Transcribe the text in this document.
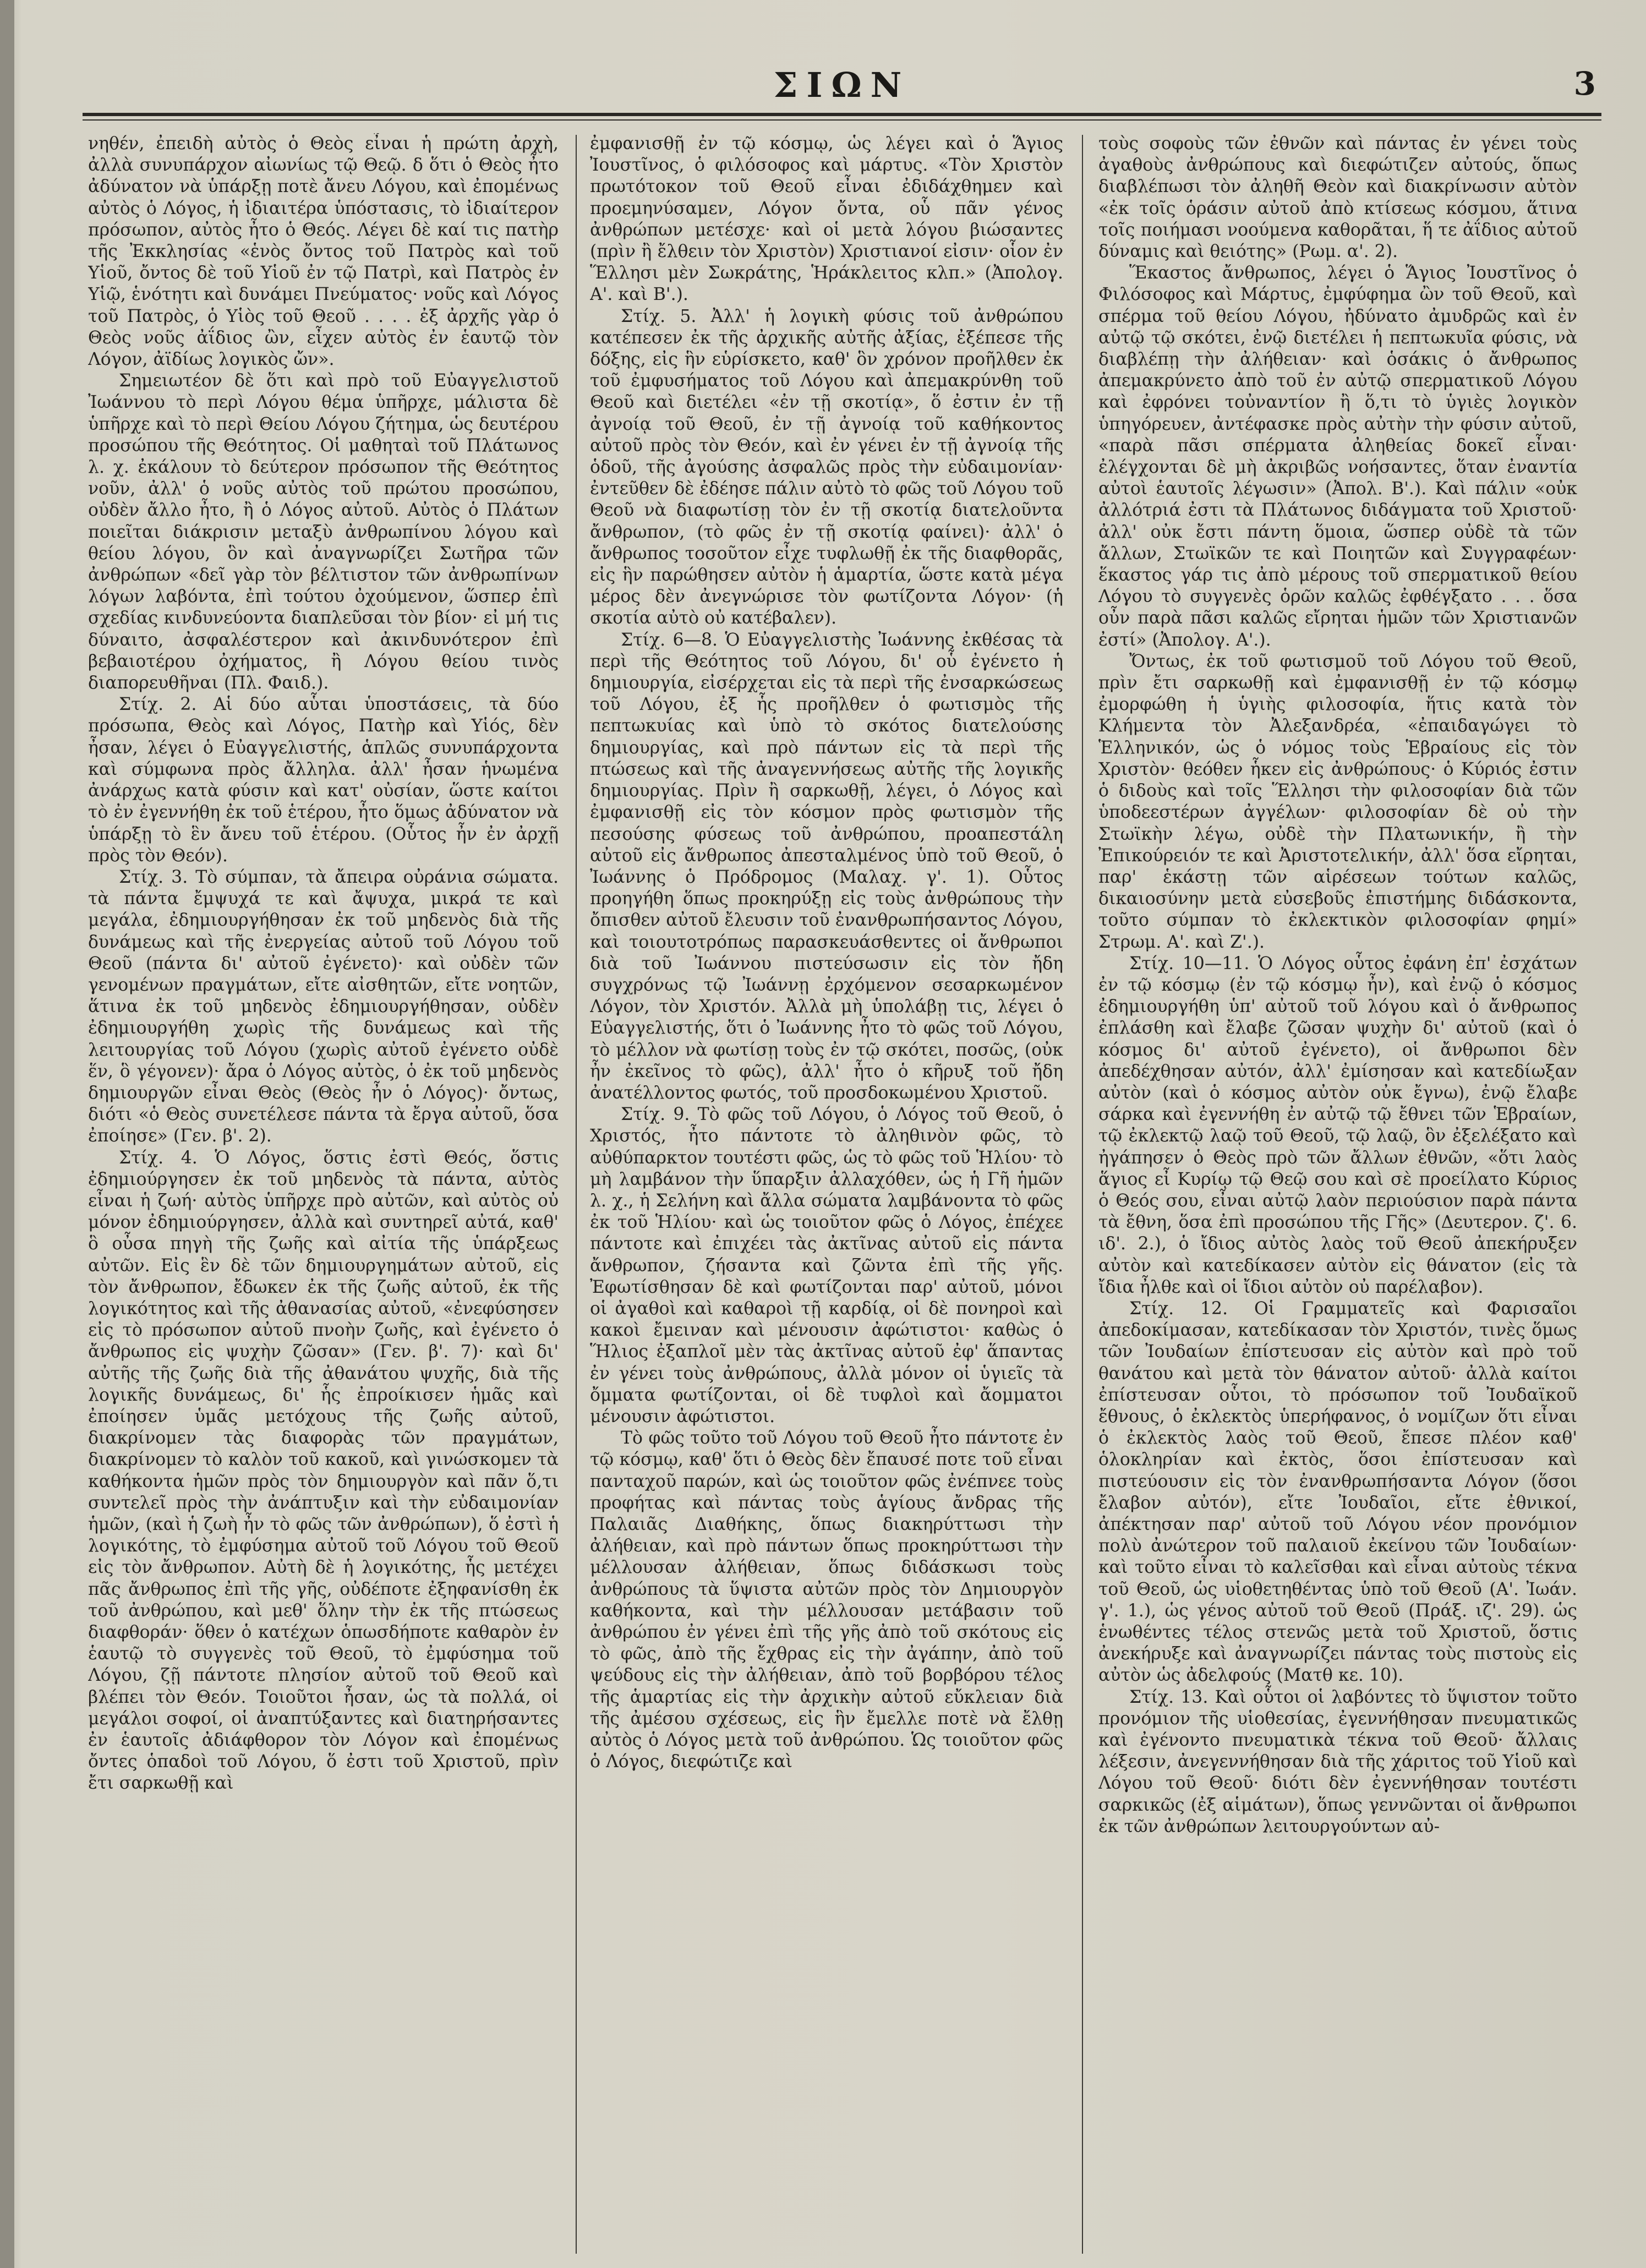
ΣΙΩΝ	3

νηθέν, ἐπειδὴ αὐτὸς ὁ Θεὸς εἶναι ἡ πρώτη ἀρχὴ, ἀλλὰ συνυπάρχον αἰωνίως τῷ Θεῷ. δ ὅτι ὁ Θεὸς ἦτο ἀδύνατον νὰ ὑπάρξῃ ποτὲ ἄνευ Λόγου, καὶ ἐπομένως αὐτὸς ὁ Λόγος, ἡ ἰδιαιτέρα ὑπόστασις, τὸ ἰδιαίτερον πρόσωπον, αὐτὸς ἦτο ὁ Θεός. Λέγει δὲ καί τις πατὴρ τῆς Ἐκκλησίας «ἑνὸς ὄντος τοῦ Πατρὸς καὶ τοῦ Υἱοῦ, ὄντος δὲ τοῦ Υἱοῦ ἐν τῷ Πατρὶ, καὶ Πατρὸς ἐν Υἱῷ, ἑνότητι καὶ δυνάμει Πνεύματος· νοῦς καὶ Λόγος τοῦ Πατρὸς, ὁ Υἱὸς τοῦ Θεοῦ . . . . ἐξ ἀρχῆς γὰρ ὁ Θεὸς νοῦς ἀΐδιος ὢν, εἶχεν αὐτὸς ἐν ἑαυτῷ τὸν Λόγον, ἀϊδίως λογικὸς ὤν».

Σημειωτέον δὲ ὅτι καὶ πρὸ τοῦ Εὐαγγελιστοῦ Ἰωάννου τὸ περὶ Λόγου θέμα ὑπῆρχε, μάλιστα δὲ ὑπῆρχε καὶ τὸ περὶ Θείου Λόγου ζήτημα, ὡς δευτέρου προσώπου τῆς Θεότητος. Οἱ μαθηταὶ τοῦ Πλάτωνος λ. χ. ἐκάλουν τὸ δεύτερον πρόσωπον τῆς Θεότητος νοῦν, ἀλλ' ὁ νοῦς αὐτὸς τοῦ πρώτου προσώπου, οὐδὲν ἄλλο ἦτο, ἢ ὁ Λόγος αὐτοῦ. Αὐτὸς ὁ Πλάτων ποιεῖται διάκρισιν μεταξὺ ἀνθρωπίνου λόγου καὶ θείου λόγου, ὃν καὶ ἀναγνωρίζει Σωτῆρα τῶν ἀνθρώπων «δεῖ γὰρ τὸν βέλτιστον τῶν ἀνθρωπίνων λόγων λαβόντα, ἐπὶ τούτου ὀχούμενον, ὥσπερ ἐπὶ σχεδίας κινδυνεύοντα διαπλεῦσαι τὸν βίον· εἰ μή τις δύναιτο, ἀσφαλέστερον καὶ ἀκινδυνότερον ἐπὶ βεβαιοτέρου ὀχήματος, ἢ Λόγου θείου τινὸς διαπορευθῆναι (Πλ. Φαιδ.).

Στίχ. 2. Αἱ δύο αὗται ὑποστάσεις, τὰ δύο πρόσωπα, Θεὸς καὶ Λόγος, Πατὴρ καὶ Υἱός, δὲν ἦσαν, λέγει ὁ Εὐαγγελιστής, ἁπλῶς συνυπάρχοντα καὶ σύμφωνα πρὸς ἄλληλα. ἀλλ' ἦσαν ἡνωμένα ἀνάρχως κατὰ φύσιν καὶ κατ' οὐσίαν, ὥστε καίτοι τὸ ἐν ἐγεννήθη ἐκ τοῦ ἑτέρου, ἦτο ὅμως ἀδύνατον νὰ ὑπάρξῃ τὸ ἓν ἄνευ τοῦ ἑτέρου. (Οὗτος ἦν ἐν ἀρχῇ πρὸς τὸν Θεόν).

Στίχ. 3. Τὸ σύμπαν, τὰ ἄπειρα οὐράνια σώματα. τὰ πάντα ἔμψυχά τε καὶ ἄψυχα, μικρά τε καὶ μεγάλα, ἐδημιουργήθησαν ἐκ τοῦ μηδενὸς διὰ τῆς δυνάμεως καὶ τῆς ἐνεργείας αὐτοῦ τοῦ Λόγου τοῦ Θεοῦ (πάντα δι' αὐτοῦ ἐγένετο)· καὶ οὐδὲν τῶν γενομένων πραγμάτων, εἴτε αἰσθητῶν, εἴτε νοητῶν, ἅτινα ἐκ τοῦ μηδενὸς ἐδημιουργήθησαν, οὐδὲν ἐδημιουργήθη χωρὶς τῆς δυνάμεως καὶ τῆς λειτουργίας τοῦ Λόγου (χωρὶς αὐτοῦ ἐγένετο οὐδὲ ἕν, ὃ γέγονεν)· ἄρα ὁ Λόγος αὐτὸς, ὁ ἐκ τοῦ μηδενὸς δημιουργῶν εἶναι Θεὸς (Θεὸς ἦν ὁ Λόγος)· ὄντως, διότι «ὁ Θεὸς συνετέλεσε πάντα τὰ ἔργα αὐτοῦ, ὅσα ἐποίησε» (Γεν. β'. 2).

Στίχ. 4. Ὁ Λόγος, ὅστις ἐστὶ Θεός, ὅστις ἐδημιούργησεν ἐκ τοῦ μηδενὸς τὰ πάντα, αὐτὸς εἶναι ἡ ζωή· αὐτὸς ὑπῆρχε πρὸ αὐτῶν, καὶ αὐτὸς οὐ μόνον ἐδημιούργησεν, ἀλλὰ καὶ συντηρεῖ αὐτά, καθ' ὃ οὖσα πηγὴ τῆς ζωῆς καὶ αἰτία τῆς ὑπάρξεως αὐτῶν. Εἰς ἓν δὲ τῶν δημιουργημάτων αὐτοῦ, εἰς τὸν ἄνθρωπον, ἔδωκεν ἐκ τῆς ζωῆς αὐτοῦ, ἐκ τῆς λογικότητος καὶ τῆς ἀθανασίας αὐτοῦ, «ἐνεφύσησεν εἰς τὸ πρόσωπον αὐτοῦ πνοὴν ζωῆς, καὶ ἐγένετο ὁ ἄνθρωπος εἰς ψυχὴν ζῶσαν» (Γεν. β'. 7)· καὶ δι' αὐτῆς τῆς ζωῆς διὰ τῆς ἀθανάτου ψυχῆς, διὰ τῆς λογικῆς δυνάμεως, δι' ἧς ἐπροίκισεν ἡμᾶς καὶ ἐποίησεν ὑμᾶς μετόχους τῆς ζωῆς αὐτοῦ, διακρίνομεν τὰς διαφορὰς τῶν πραγμάτων, διακρίνομεν τὸ καλὸν τοῦ κακοῦ, καὶ γινώσκομεν τὰ καθήκοντα ἡμῶν πρὸς τὸν δημιουργὸν καὶ πᾶν ὅ,τι συντελεῖ πρὸς τὴν ἀνάπτυξιν καὶ τὴν εὐδαιμονίαν ἡμῶν, (καὶ ἡ ζωὴ ἦν τὸ φῶς τῶν ἀνθρώπων), ὅ ἐστὶ ἡ λογικότης, τὸ ἐμφύσημα αὐτοῦ τοῦ Λόγου τοῦ Θεοῦ εἰς τὸν ἄνθρωπον. Αὐτὴ δὲ ἡ λογικότης, ἧς μετέχει πᾶς ἄνθρωπος ἐπὶ τῆς γῆς, οὐδέποτε ἐξηφανίσθη ἐκ τοῦ ἀνθρώπου, καὶ μεθ' ὅλην τὴν ἐκ τῆς πτώσεως διαφθοράν· ὅθεν ὁ κατέχων ὁπωσδήποτε καθαρὸν ἐν ἑαυτῷ τὸ συγγενὲς τοῦ Θεοῦ, τὸ ἐμφύσημα τοῦ Λόγου, ζῇ πάντοτε πλησίον αὐτοῦ τοῦ Θεοῦ καὶ βλέπει τὸν Θεόν. Τοιοῦτοι ἦσαν, ὡς τὰ πολλά, οἱ μεγάλοι σοφοί, οἱ ἀναπτύξαντες καὶ διατηρήσαντες ἐν ἑαυτοῖς ἀδιάφθορον τὸν Λόγον καὶ ἐπομένως ὄντες ὁπαδοὶ τοῦ Λόγου, ὅ ἐστι τοῦ Χριστοῦ, πρὶν ἔτι σαρκωθῇ καὶ

ἐμφανισθῇ ἐν τῷ κόσμῳ, ὡς λέγει καὶ ὁ Ἅγιος Ἰουστῖνος, ὁ φιλόσοφος καὶ μάρτυς. «Τὸν Χριστὸν πρωτότοκον τοῦ Θεοῦ εἶναι ἐδιδάχθημεν καὶ προεμηνύσαμεν, Λόγον ὄντα, οὗ πᾶν γένος ἀνθρώπων μετέσχε· καὶ οἱ μετὰ λόγου βιώσαντες (πρὶν ἢ ἔλθειν τὸν Χριστὸν) Χριστιανοί εἰσιν· οἷον ἐν Ἕλλησι μὲν Σωκράτης, Ἡράκλειτος κλπ.» (Ἀπολογ. Α'. καὶ Β'.).

Στίχ. 5. Ἀλλ' ἡ λογικὴ φύσις τοῦ ἀνθρώπου κατέπεσεν ἐκ τῆς ἀρχικῆς αὐτῆς ἀξίας, ἐξέπεσε τῆς δόξης, εἰς ἣν εὑρίσκετο, καθ' ὃν χρόνον προῆλθεν ἐκ τοῦ ἐμφυσήματος τοῦ Λόγου καὶ ἀπεμακρύνθη τοῦ Θεοῦ καὶ διετέλει «ἐν τῇ σκοτίᾳ», ὅ ἐστιν ἐν τῇ ἀγνοίᾳ τοῦ Θεοῦ, ἐν τῇ ἀγνοίᾳ τοῦ καθήκοντος αὐτοῦ πρὸς τὸν Θεόν, καὶ ἐν γένει ἐν τῇ ἀγνοίᾳ τῆς ὁδοῦ, τῆς ἀγούσης ἀσφαλῶς πρὸς τὴν εὐδαιμονίαν· ἐντεῦθεν δὲ ἐδέησε πάλιν αὐτὸ τὸ φῶς τοῦ Λόγου τοῦ Θεοῦ νὰ διαφωτίσῃ τὸν ἐν τῇ σκοτίᾳ διατελοῦντα ἄνθρωπον, (τὸ φῶς ἐν τῇ σκοτίᾳ φαίνει)· ἀλλ' ὁ ἄνθρωπος τοσοῦτον εἶχε τυφλωθῇ ἐκ τῆς διαφθορᾶς, εἰς ἣν παρώθησεν αὐτὸν ἡ ἁμαρτία, ὥστε κατὰ μέγα μέρος δὲν ἀνεγνώρισε τὸν φωτίζοντα Λόγον· (ἡ σκοτία αὐτὸ οὐ κατέβαλεν).

Στίχ. 6—8. Ὁ Εὐαγγελιστὴς Ἰωάννης ἐκθέσας τὰ περὶ τῆς Θεότητος τοῦ Λόγου, δι' οὗ ἐγένετο ἡ δημιουργία, εἰσέρχεται εἰς τὰ περὶ τῆς ἐνσαρκώσεως τοῦ Λόγου, ἐξ ἧς προῆλθεν ὁ φωτισμὸς τῆς πεπτωκυίας καὶ ὑπὸ τὸ σκότος διατελούσης δημιουργίας, καὶ πρὸ πάντων εἰς τὰ περὶ τῆς πτώσεως καὶ τῆς ἀναγεννήσεως αὐτῆς τῆς λογικῆς δημιουργίας. Πρὶν ἢ σαρκωθῇ, λέγει, ὁ Λόγος καὶ ἐμφανισθῇ εἰς τὸν κόσμον πρὸς φωτισμὸν τῆς πεσούσης φύσεως τοῦ ἀνθρώπου, προαπεστάλη αὐτοῦ εἰς ἄνθρωπος ἀπεσταλμένος ὑπὸ τοῦ Θεοῦ, ὁ Ἰωάννης ὁ Πρόδρομος (Μαλαχ. γ'. 1). Οὗτος προηγήθη ὅπως προκηρύξῃ εἰς τοὺς ἀνθρώπους τὴν ὄπισθεν αὐτοῦ ἔλευσιν τοῦ ἐνανθρωπήσαντος Λόγου, καὶ τοιουτοτρόπως παρασκευάσθεντες οἱ ἄνθρωποι διὰ τοῦ Ἰωάννου πιστεύσωσιν εἰς τὸν ἤδη συγχρόνως τῷ Ἰωάννῃ ἐρχόμενον σεσαρκωμένον Λόγον, τὸν Χριστόν. Ἀλλὰ μὴ ὑπολάβῃ τις, λέγει ὁ Εὐαγγελιστής, ὅτι ὁ Ἰωάννης ἦτο τὸ φῶς τοῦ Λόγου, τὸ μέλλον νὰ φωτίσῃ τοὺς ἐν τῷ σκότει, ποσῶς, (οὐκ ἦν ἐκεῖνος τὸ φῶς), ἀλλ' ἦτο ὁ κῆρυξ τοῦ ἤδη ἀνατέλλοντος φωτός, τοῦ προσδοκωμένου Χριστοῦ.

Στίχ. 9. Τὸ φῶς τοῦ Λόγου, ὁ Λόγος τοῦ Θεοῦ, ὁ Χριστός, ἦτο πάντοτε τὸ ἀληθινὸν φῶς, τὸ αὐθύπαρκτον τουτέστι φῶς, ὡς τὸ φῶς τοῦ Ἡλίου· τὸ μὴ λαμβάνον τὴν ὕπαρξιν ἀλλαχόθεν, ὡς ἡ Γῆ ἡμῶν λ. χ., ἡ Σελήνη καὶ ἄλλα σώματα λαμβάνοντα τὸ φῶς ἐκ τοῦ Ἡλίου· καὶ ὡς τοιοῦτον φῶς ὁ Λόγος, ἐπέχεε πάντοτε καὶ ἐπιχέει τὰς ἀκτῖνας αὐτοῦ εἰς πάντα ἄνθρωπον, ζήσαντα καὶ ζῶντα ἐπὶ τῆς γῆς. Ἐφωτίσθησαν δὲ καὶ φωτίζονται παρ' αὐτοῦ, μόνοι οἱ ἀγαθοὶ καὶ καθαροὶ τῇ καρδίᾳ, οἱ δὲ πονηροὶ καὶ κακοὶ ἔμειναν καὶ μένουσιν ἀφώτιστοι· καθὼς ὁ Ἥλιος ἐξαπλοῖ μὲν τὰς ἀκτῖνας αὐτοῦ ἐφ' ἅπαντας ἐν γένει τοὺς ἀνθρώπους, ἀλλὰ μόνον οἱ ὑγιεῖς τὰ ὄμματα φωτίζονται, οἱ δὲ τυφλοὶ καὶ ἄομματοι μένουσιν ἀφώτιστοι.

Τὸ φῶς τοῦτο τοῦ Λόγου τοῦ Θεοῦ ἦτο πάντοτε ἐν τῷ κόσμῳ, καθ' ὅτι ὁ Θεὸς δὲν ἔπαυσέ ποτε τοῦ εἶναι πανταχοῦ παρών, καὶ ὡς τοιοῦτον φῶς ἐνέπνεε τοὺς προφήτας καὶ πάντας τοὺς ἁγίους ἄνδρας τῆς Παλαιᾶς Διαθήκης, ὅπως διακηρύττωσι τὴν ἀλήθειαν, καὶ πρὸ πάντων ὅπως προκηρύττωσι τὴν μέλλουσαν ἀλήθειαν, ὅπως διδάσκωσι τοὺς ἀνθρώπους τὰ ὕψιστα αὐτῶν πρὸς τὸν Δημιουργὸν καθήκοντα, καὶ τὴν μέλλουσαν μετάβασιν τοῦ ἀνθρώπου ἐν γένει ἐπὶ τῆς γῆς ἀπὸ τοῦ σκότους εἰς τὸ φῶς, ἀπὸ τῆς ἔχθρας εἰς τὴν ἀγάπην, ἀπὸ τοῦ ψεύδους εἰς τὴν ἀλήθειαν, ἀπὸ τοῦ βορβόρου τέλος τῆς ἁμαρτίας εἰς τὴν ἀρχικὴν αὐτοῦ εὔκλειαν διὰ τῆς ἀμέσου σχέσεως, εἰς ἣν ἔμελλε ποτὲ νὰ ἔλθῃ αὐτὸς ὁ Λόγος μετὰ τοῦ ἀνθρώπου. Ὡς τοιοῦτον φῶς ὁ Λόγος, διεφώτιζε καὶ

τοὺς σοφοὺς τῶν ἐθνῶν καὶ πάντας ἐν γένει τοὺς ἀγαθοὺς ἀνθρώπους καὶ διεφώτιζεν αὐτούς, ὅπως διαβλέπωσι τὸν ἀληθῆ Θεὸν καὶ διακρίνωσιν αὐτὸν «ἐκ τοῖς ὁράσιν αὐτοῦ ἀπὸ κτίσεως κόσμου, ἅτινα τοῖς ποιήμασι νοούμενα καθορᾶται, ἥ τε ἀΐδιος αὐτοῦ δύναμις καὶ θειότης» (Ρωμ. α'. 2).

Ἕκαστος ἄνθρωπος, λέγει ὁ Ἅγιος Ἰουστῖνος ὁ Φιλόσοφος καὶ Μάρτυς, ἐμφύφημα ὢν τοῦ Θεοῦ, καὶ σπέρμα τοῦ θείου Λόγου, ἠδύνατο ἀμυδρῶς καὶ ἐν αὐτῷ τῷ σκότει, ἐνῷ διετέλει ἡ πεπτωκυῖα φύσις, νὰ διαβλέπῃ τὴν ἀλήθειαν· καὶ ὁσάκις ὁ ἄνθρωπος ἀπεμακρύνετο ἀπὸ τοῦ ἐν αὐτῷ σπερματικοῦ Λόγου καὶ ἐφρόνει τοὐναντίον ἢ ὅ,τι τὸ ὑγιὲς λογικὸν ὑπηγόρευεν, ἀντέφασκε πρὸς αὐτὴν τὴν φύσιν αὐτοῦ, «παρὰ πᾶσι σπέρματα ἀληθείας δοκεῖ εἶναι· ἐλέγχονται δὲ μὴ ἀκριβῶς νοήσαντες, ὅταν ἐναντία αὐτοὶ ἑαυτοῖς λέγωσιν» (Ἀπολ. Β'.). Καὶ πάλιν «οὐκ ἀλλότριά ἐστι τὰ Πλάτωνος διδάγματα τοῦ Χριστοῦ· ἀλλ' οὐκ ἔστι πάντη ὅμοια, ὥσπερ οὐδὲ τὰ τῶν ἄλλων, Στωϊκῶν τε καὶ Ποιητῶν καὶ Συγγραφέων· ἕκαστος γάρ τις ἀπὸ μέρους τοῦ σπερματικοῦ θείου Λόγου τὸ συγγενὲς ὁρῶν καλῶς ἐφθέγξατο . . . ὅσα οὖν παρὰ πᾶσι καλῶς εἴρηται ἡμῶν τῶν Χριστιανῶν ἐστί» (Ἀπολογ. Α'.).

Ὄντως, ἐκ τοῦ φωτισμοῦ τοῦ Λόγου τοῦ Θεοῦ, πρὶν ἔτι σαρκωθῇ καὶ ἐμφανισθῇ ἐν τῷ κόσμῳ ἐμορφώθη ἡ ὑγιὴς φιλοσοφία, ἥτις κατὰ τὸν Κλήμεντα τὸν Ἀλεξανδρέα, «ἐπαιδαγώγει τὸ Ἑλληνικόν, ὡς ὁ νόμος τοὺς Ἑβραίους εἰς τὸν Χριστὸν· θεόθεν ἧκεν εἰς ἀνθρώπους· ὁ Κύριός ἐστιν ὁ διδοὺς καὶ τοῖς Ἕλλησι τὴν φιλοσοφίαν διὰ τῶν ὑποδεεστέρων ἀγγέλων· φιλοσοφίαν δὲ οὐ τὴν Στωϊκὴν λέγω, οὐδὲ τὴν Πλατωνικήν, ἢ τὴν Ἐπικούρειόν τε καὶ Ἀριστοτελικήν, ἀλλ' ὅσα εἴρηται, παρ' ἑκάστῃ τῶν αἱρέσεων τούτων καλῶς, δικαιοσύνην μετὰ εὐσεβοῦς ἐπιστήμης διδάσκοντα, τοῦτο σύμπαν τὸ ἐκλεκτικὸν φιλοσοφίαν φημί» Στρωμ. Α'. καὶ Ζ'.).

Στίχ. 10—11. Ὁ Λόγος οὗτος ἐφάνη ἐπ' ἐσχάτων ἐν τῷ κόσμῳ (ἐν τῷ κόσμῳ ἦν), καὶ ἐνῷ ὁ κόσμος ἐδημιουργήθη ὑπ' αὐτοῦ τοῦ λόγου καὶ ὁ ἄνθρωπος ἐπλάσθη καὶ ἔλαβε ζῶσαν ψυχὴν δι' αὐτοῦ (καὶ ὁ κόσμος δι' αὐτοῦ ἐγένετο), οἱ ἄνθρωποι δὲν ἀπεδέχθησαν αὐτόν, ἀλλ' ἐμίσησαν καὶ κατεδίωξαν αὐτὸν (καὶ ὁ κόσμος αὐτὸν οὐκ ἔγνω), ἐνῷ ἔλαβε σάρκα καὶ ἐγεννήθη ἐν αὐτῷ τῷ ἔθνει τῶν Ἑβραίων, τῷ ἐκλεκτῷ λαῷ τοῦ Θεοῦ, τῷ λαῷ, ὃν ἐξελέξατο καὶ ἠγάπησεν ὁ Θεὸς πρὸ τῶν ἄλλων ἐθνῶν, «ὅτι λαὸς ἅγιος εἶ Κυρίῳ τῷ Θεῷ σου καὶ σὲ προείλατο Κύριος ὁ Θεός σου, εἶναι αὐτῷ λαὸν περιούσιον παρὰ πάντα τὰ ἔθνη, ὅσα ἐπὶ προσώπου τῆς Γῆς» (Δευτερον. ζ'. 6. ιδ'. 2.), ὁ ἴδιος αὐτὸς λαὸς τοῦ Θεοῦ ἀπεκήρυξεν αὐτὸν καὶ κατεδίκασεν αὐτὸν εἰς θάνατον (εἰς τὰ ἴδια ἦλθε καὶ οἱ ἴδιοι αὐτὸν οὐ παρέλαβον).

Στίχ. 12. Οἱ Γραμματεῖς καὶ Φαρισαῖοι ἀπεδοκίμασαν, κατεδίκασαν τὸν Χριστόν, τινὲς ὅμως τῶν Ἰουδαίων ἐπίστευσαν εἰς αὐτὸν καὶ πρὸ τοῦ θανάτου καὶ μετὰ τὸν θάνατον αὐτοῦ· ἀλλὰ καίτοι ἐπίστευσαν οὗτοι, τὸ πρόσωπον τοῦ Ἰουδαϊκοῦ ἔθνους, ὁ ἐκλεκτὸς ὑπερήφανος, ὁ νομίζων ὅτι εἶναι ὁ ἐκλεκτὸς λαὸς τοῦ Θεοῦ, ἔπεσε πλέον καθ' ὁλοκληρίαν καὶ ἐκτὸς, ὅσοι ἐπίστευσαν καὶ πιστεύουσιν εἰς τὸν ἐνανθρωπήσαντα Λόγον (ὅσοι ἔλαβον αὐτόν), εἴτε Ἰουδαῖοι, εἴτε ἐθνικοί, ἀπέκτησαν παρ' αὐτοῦ τοῦ Λόγου νέον προνόμιον πολὺ ἀνώτερον τοῦ παλαιοῦ ἐκείνου τῶν Ἰουδαίων· καὶ τοῦτο εἶναι τὸ καλεῖσθαι καὶ εἶναι αὐτοὺς τέκνα τοῦ Θεοῦ, ὡς υἱοθετηθέντας ὑπὸ τοῦ Θεοῦ (Α'. Ἰωάν. γ'. 1.), ὡς γένος αὐτοῦ τοῦ Θεοῦ (Πράξ. ιζ'. 29). ὡς ἑνωθέντες τέλος στενῶς μετὰ τοῦ Χριστοῦ, ὅστις ἀνεκήρυξε καὶ ἀναγνωρίζει πάντας τοὺς πιστοὺς εἰς αὐτὸν ὡς ἀδελφούς (Ματθ κε. 10).

Στίχ. 13. Καὶ οὗτοι οἱ λαβόντες τὸ ὕψιστον τοῦτο προνόμιον τῆς υἱοθεσίας, ἐγεννήθησαν πνευματικῶς καὶ ἐγένοντο πνευματικὰ τέκνα τοῦ Θεοῦ· ἄλλαις λέξεσιν, ἀνεγεννήθησαν διὰ τῆς χάριτος τοῦ Υἱοῦ καὶ Λόγου τοῦ Θεοῦ· διότι δὲν ἐγεννήθησαν τουτέστι σαρκικῶς (ἐξ αἱμάτων), ὅπως γεννῶνται οἱ ἄνθρωποι ἐκ τῶν ἀνθρώπων λειτουργούντων αὐ-
